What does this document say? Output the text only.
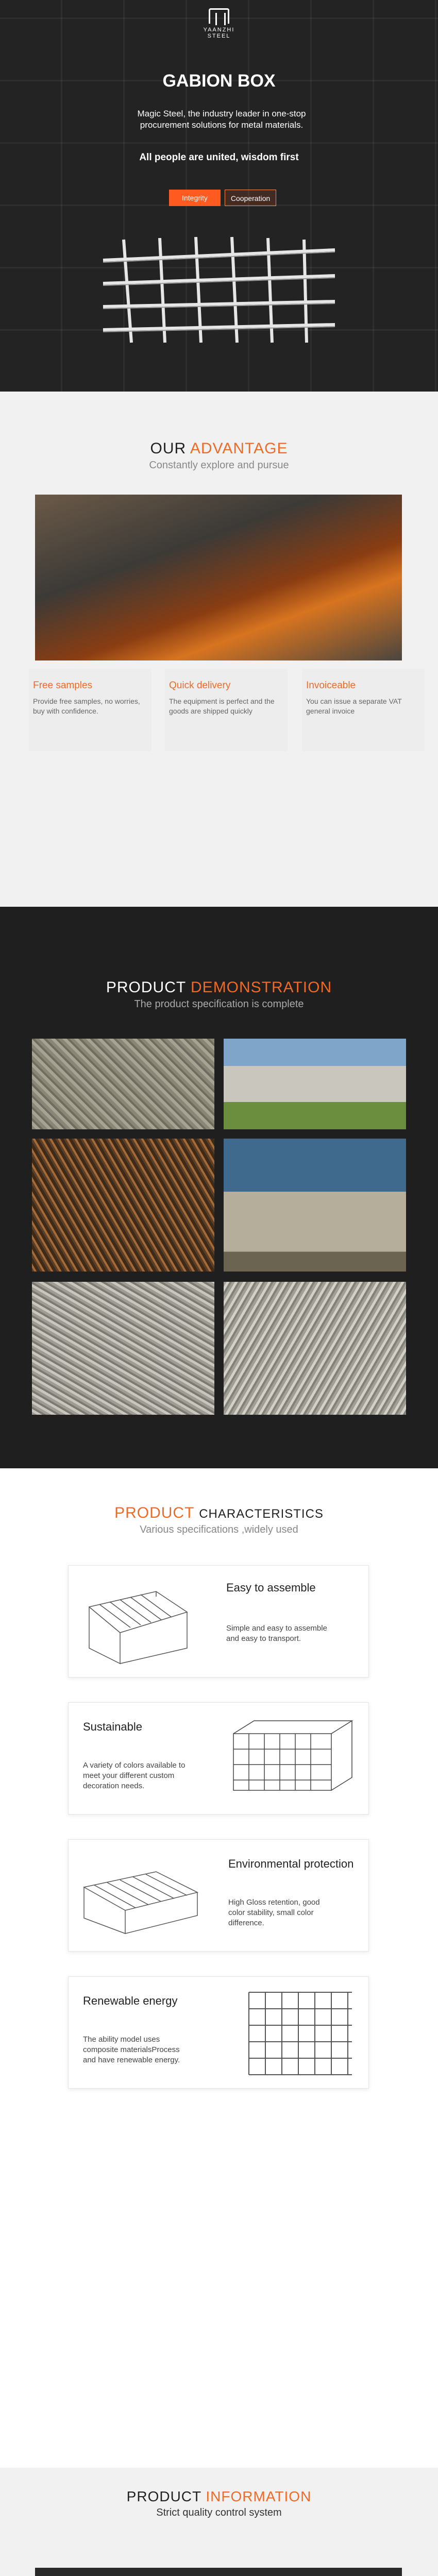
YAANZHI STEEL
GABION BOX
Magic Steel, the industry leader in one-stop procurement solutions for metal materials.
All people are united, wisdom first
Integrity	Cooperation
OUR ADVANTAGE
Constantly explore and pursue
Free samples
Provide free samples, no worries, buy with confidence.
Quick delivery
The equipment is perfect and the goods are shipped quickly
Invoiceable
You can issue a separate VAT general invoice
PRODUCT DEMONSTRATION
The product specification is complete
PRODUCT CHARACTERISTICS
Various specifications ,widely used
Easy to assemble
Simple and easy to assemble and easy to transport.
Sustainable
A variety of colors available to meet your different custom decoration needs.
Environmental protection
High Gloss retention, good color stability, small color difference.
Renewable energy
The ability model uses composite materialsProcess and have renewable energy.
PRODUCT INFORMATION
Strict quality control system
